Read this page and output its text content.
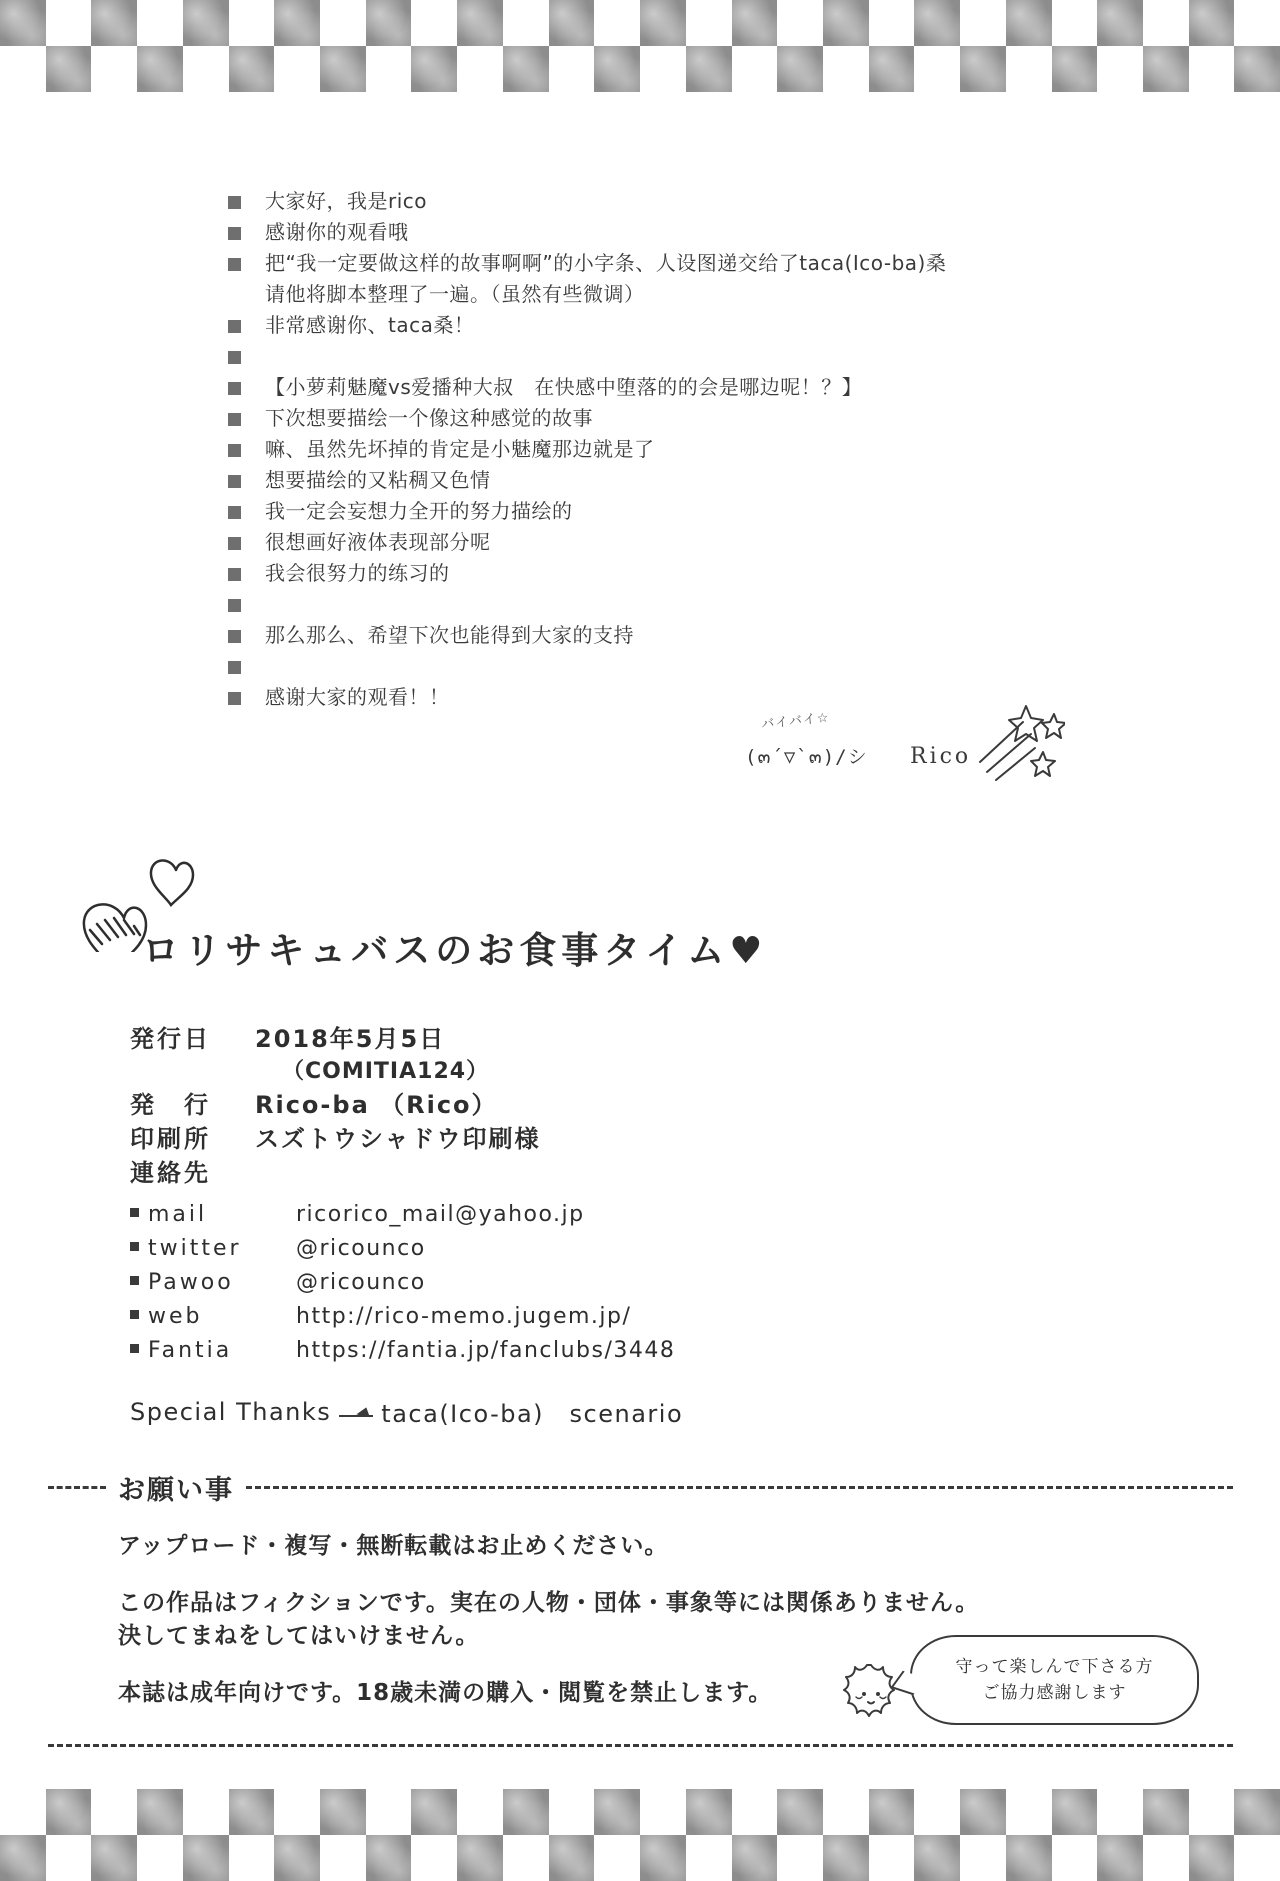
大家好，我是rico
感谢你的观看哦
把“我一定要做这样的故事啊啊”的小字条、人设图递交给了taca(Ico-ba)桑
请他将脚本整理了一遍。（虽然有些微调）
非常感谢你、taca桑！
【小萝莉魅魔vs爱播种大叔　在快感中堕落的的会是哪边呢！？】
下次想要描绘一个像这种感觉的故事
嘛、虽然先坏掉的肯定是小魅魔那边就是了
想要描绘的又粘稠又色情
我一定会妄想力全开的努力描绘的
很想画好液体表现部分呢
我会很努力的练习的
那么那么、希望下次也能得到大家的支持
感谢大家的观看！！
バイバイ☆
(๓´▽`๓)/シ Rico
ロリサキュバスのお食事タイム♥
発行日	2018年5月5日
（COMITIA124）
発　行	Rico-ba （Rico）
印刷所	スズトウシャドウ印刷様
連絡先
mail	ricorico_mail@yahoo.jp
twitter	@ricounco
Pawoo	@ricounco
web	http://rico-memo.jugem.jp/
Fantia	https://fantia.jp/fanclubs/3448
Special Thanks taca(Ico-ba)　scenario
お願い事
アップロード・複写・無断転載はお止めください。
この作品はフィクションです。実在の人物・団体・事象等には関係ありません。
決してまねをしてはいけません。
本誌は成年向けです。18歳未満の購入・閲覧を禁止します。
守って楽しんで下さる方
ご協力感謝します
